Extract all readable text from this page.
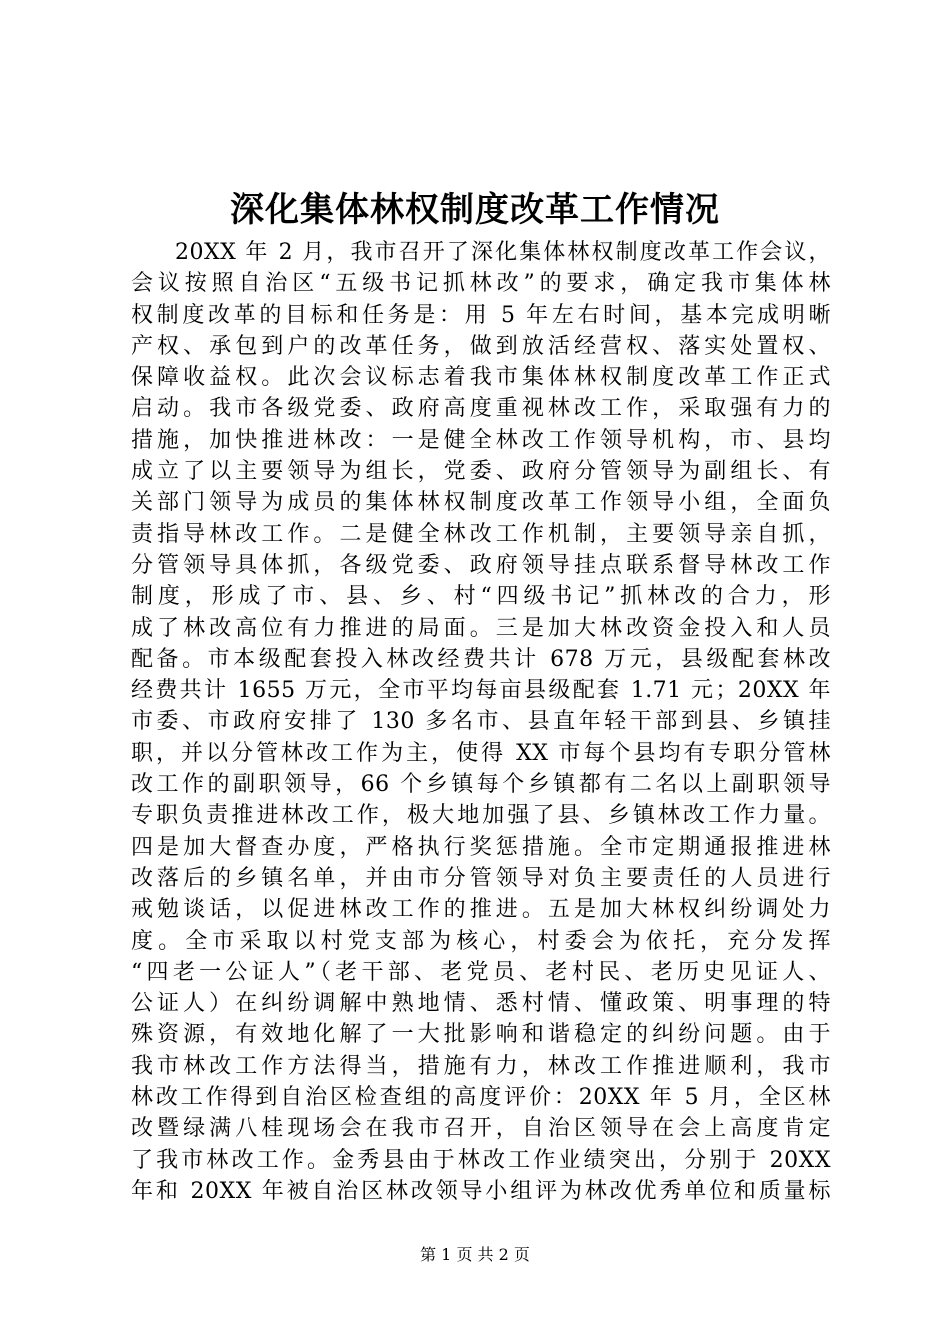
深化集体林权制度改革工作情况
20XX 年 2 月，我市召开了深化集体林权制度改革工作会议，
会议按照自治区“五级书记抓林改”的要求，确定我市集体林
权制度改革的目标和任务是：用 5 年左右时间，基本完成明晰
产权、承包到户的改革任务，做到放活经营权、落实处置权、
保障收益权。此次会议标志着我市集体林权制度改革工作正式
启动。我市各级党委、政府高度重视林改工作，采取强有力的
措施，加快推进林改：一是健全林改工作领导机构，市、县均
成立了以主要领导为组长，党委、政府分管领导为副组长、有
关部门领导为成员的集体林权制度改革工作领导小组，全面负
责指导林改工作。二是健全林改工作机制，主要领导亲自抓，
分管领导具体抓，各级党委、政府领导挂点联系督导林改工作
制度，形成了市、县、乡、村“四级书记”抓林改的合力，形
成了林改高位有力推进的局面。三是加大林改资金投入和人员
配备。市本级配套投入林改经费共计 678 万元，县级配套林改
经费共计 1655 万元，全市平均每亩县级配套 1.71 元；20XX 年
市委、市政府安排了 130 多名市、县直年轻干部到县、乡镇挂
职，并以分管林改工作为主，使得 XX 市每个县均有专职分管林
改工作的副职领导，66 个乡镇每个乡镇都有二名以上副职领导
专职负责推进林改工作，极大地加强了县、乡镇林改工作力量。
四是加大督查办度，严格执行奖惩措施。全市定期通报推进林
改落后的乡镇名单，并由市分管领导对负主要责任的人员进行
戒勉谈话，以促进林改工作的推进。五是加大林权纠纷调处力
度。全市采取以村党支部为核心，村委会为依托，充分发挥
“四老一公证人”（老干部、老党员、老村民、老历史见证人、
公证人）在纠纷调解中熟地情、悉村情、懂政策、明事理的特
殊资源，有效地化解了一大批影响和谐稳定的纠纷问题。由于
我市林改工作方法得当，措施有力，林改工作推进顺利，我市
林改工作得到自治区检查组的高度评价：20XX 年 5 月，全区林
改暨绿满八桂现场会在我市召开，自治区领导在会上高度肯定
了我市林改工作。金秀县由于林改工作业绩突出，分别于 20XX
年和 20XX 年被自治区林改领导小组评为林改优秀单位和质量标
第 1 页 共 2 页
